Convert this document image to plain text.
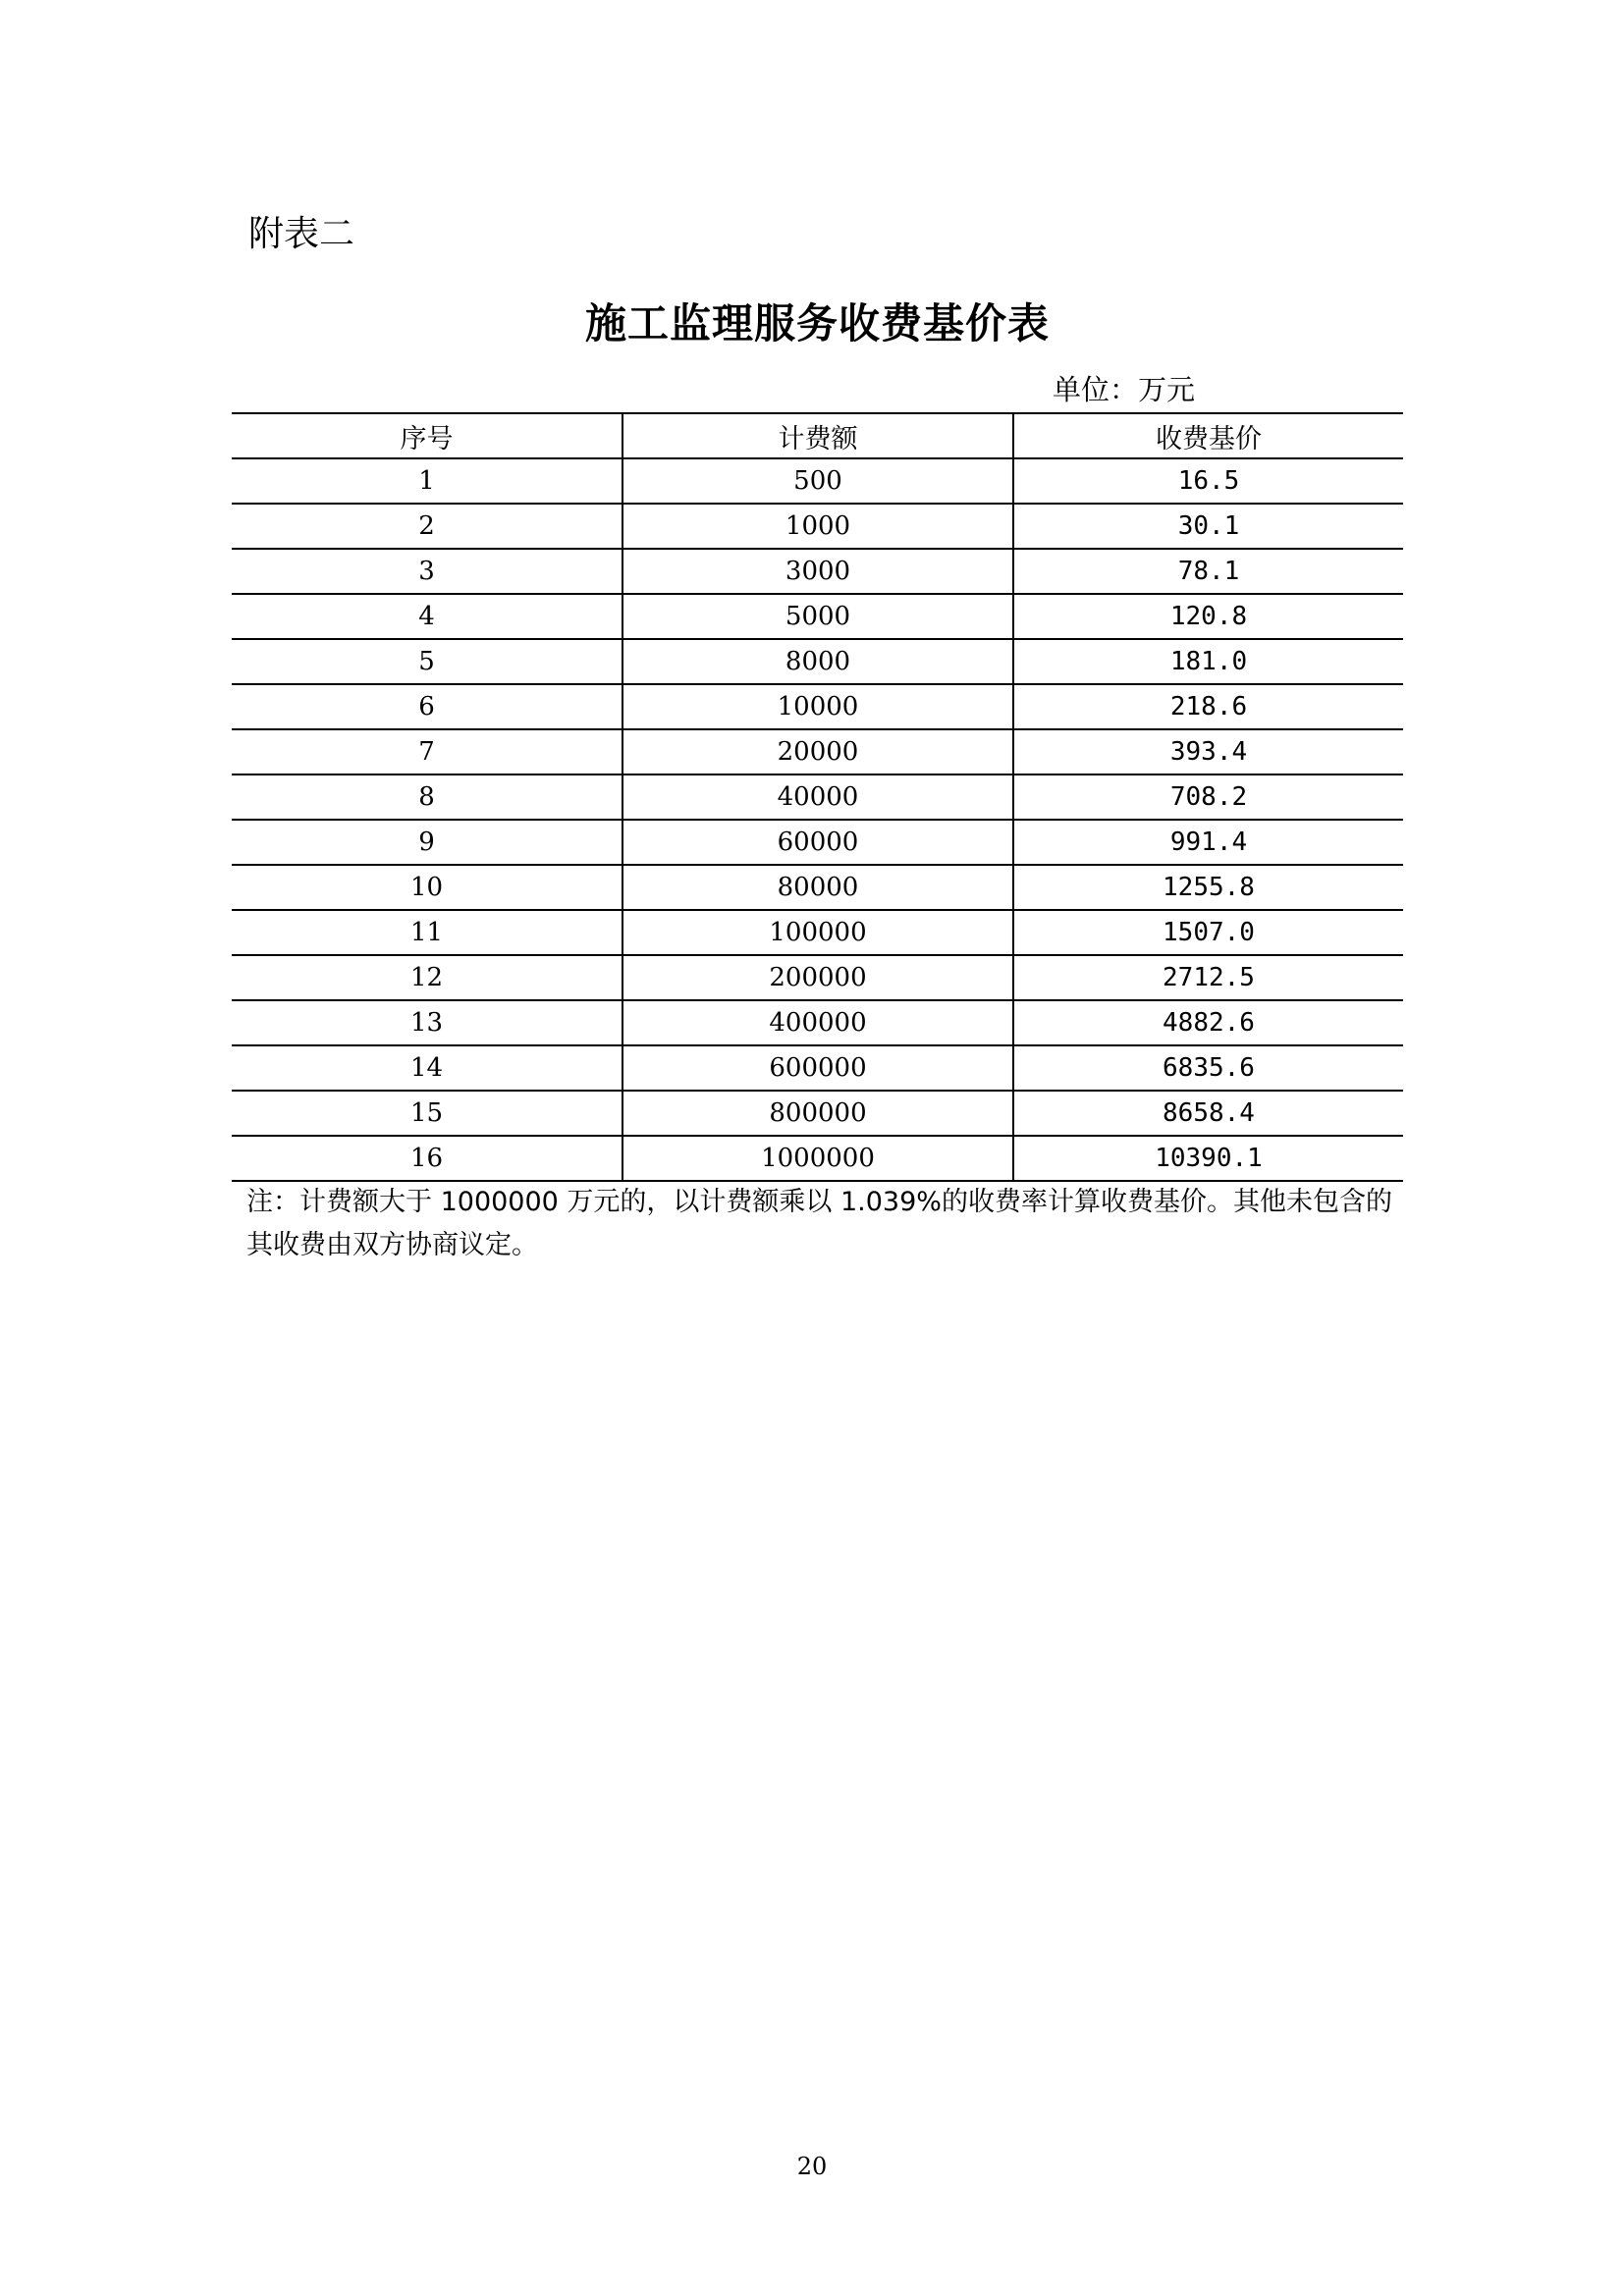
附表二
施工监理服务收费基价表
单位：万元
序号	计费额	收费基价
1	500	16.5
2	1000	30.1
3	3000	78.1
4	5000	120.8
5	8000	181.0
6	10000	218.6
7	20000	393.4
8	40000	708.2
9	60000	991.4
10	80000	1255.8
11	100000	1507.0
12	200000	2712.5
13	400000	4882.6
14	600000	6835.6
15	800000	8658.4
16	1000000	10390.1
注：计费额大于 1000000 万元的，以计费额乘以 1.039%的收费率计算收费基价。其他未包含的其收费由双方协商议定。
20
